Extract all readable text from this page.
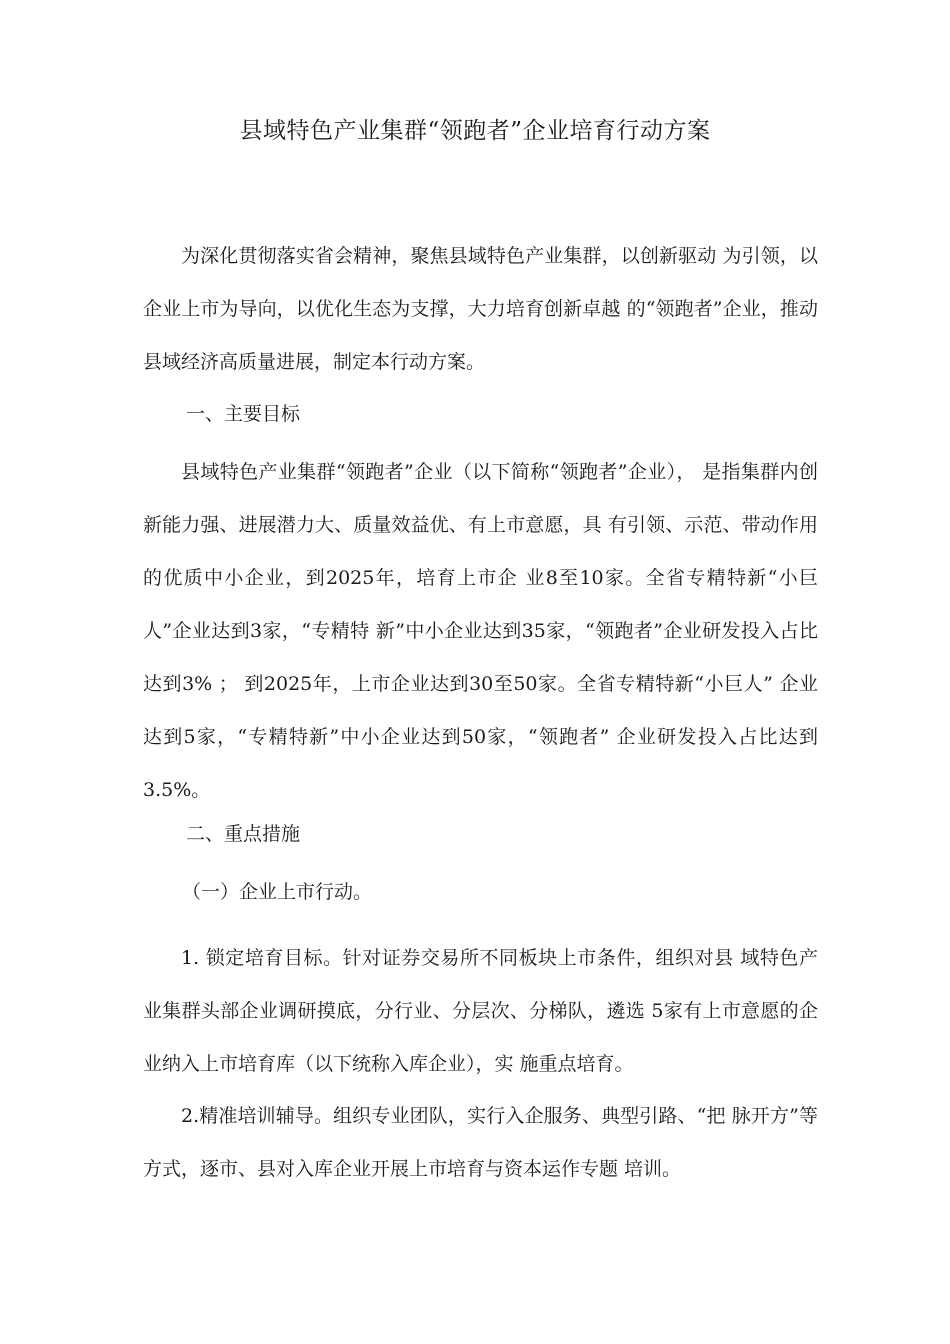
县域特色产业集群“领跑者”企业培育行动方案

为深化贯彻落实省会精神，聚焦县域特色产业集群，以创新驱动 为引领，以企业上市为导向，以优化生态为支撑，大力培育创新卓越 的“领跑者”企业，推动县域经济高质量进展，制定本行动方案。

一、主要目标

县域特色产业集群“领跑者”企业（以下简称“领跑者”企业）， 是指集群内创新能力强、进展潜力大、质量效益优、有上市意愿，具 有引领、示范、带动作用的优质中小企业，到2025年，培育上市企 业8至10家。全省专精特新“小巨人”企业达到3家，“专精特 新”中小企业达到35家，“领跑者”企业研发投入占比达到3% ； 到2025年，上市企业达到30至50家。全省专精特新“小巨人” 企业达到5家，“专精特新”中小企业达到50家，“领跑者” 企业研发投入占比达到3.5%。

二、重点措施
（一）企业上市行动。

1. 锁定培育目标。针对证券交易所不同板块上市条件，组织对县 域特色产业集群头部企业调研摸底，分行业、分层次、分梯队，遴选 5家有上市意愿的企业纳入上市培育库（以下统称入库企业），实 施重点培育。

2.精准培训辅导。组织专业团队，实行入企服务、典型引路、“把 脉开方”等方式，逐市、县对入库企业开展上市培育与资本运作专题 培训。
